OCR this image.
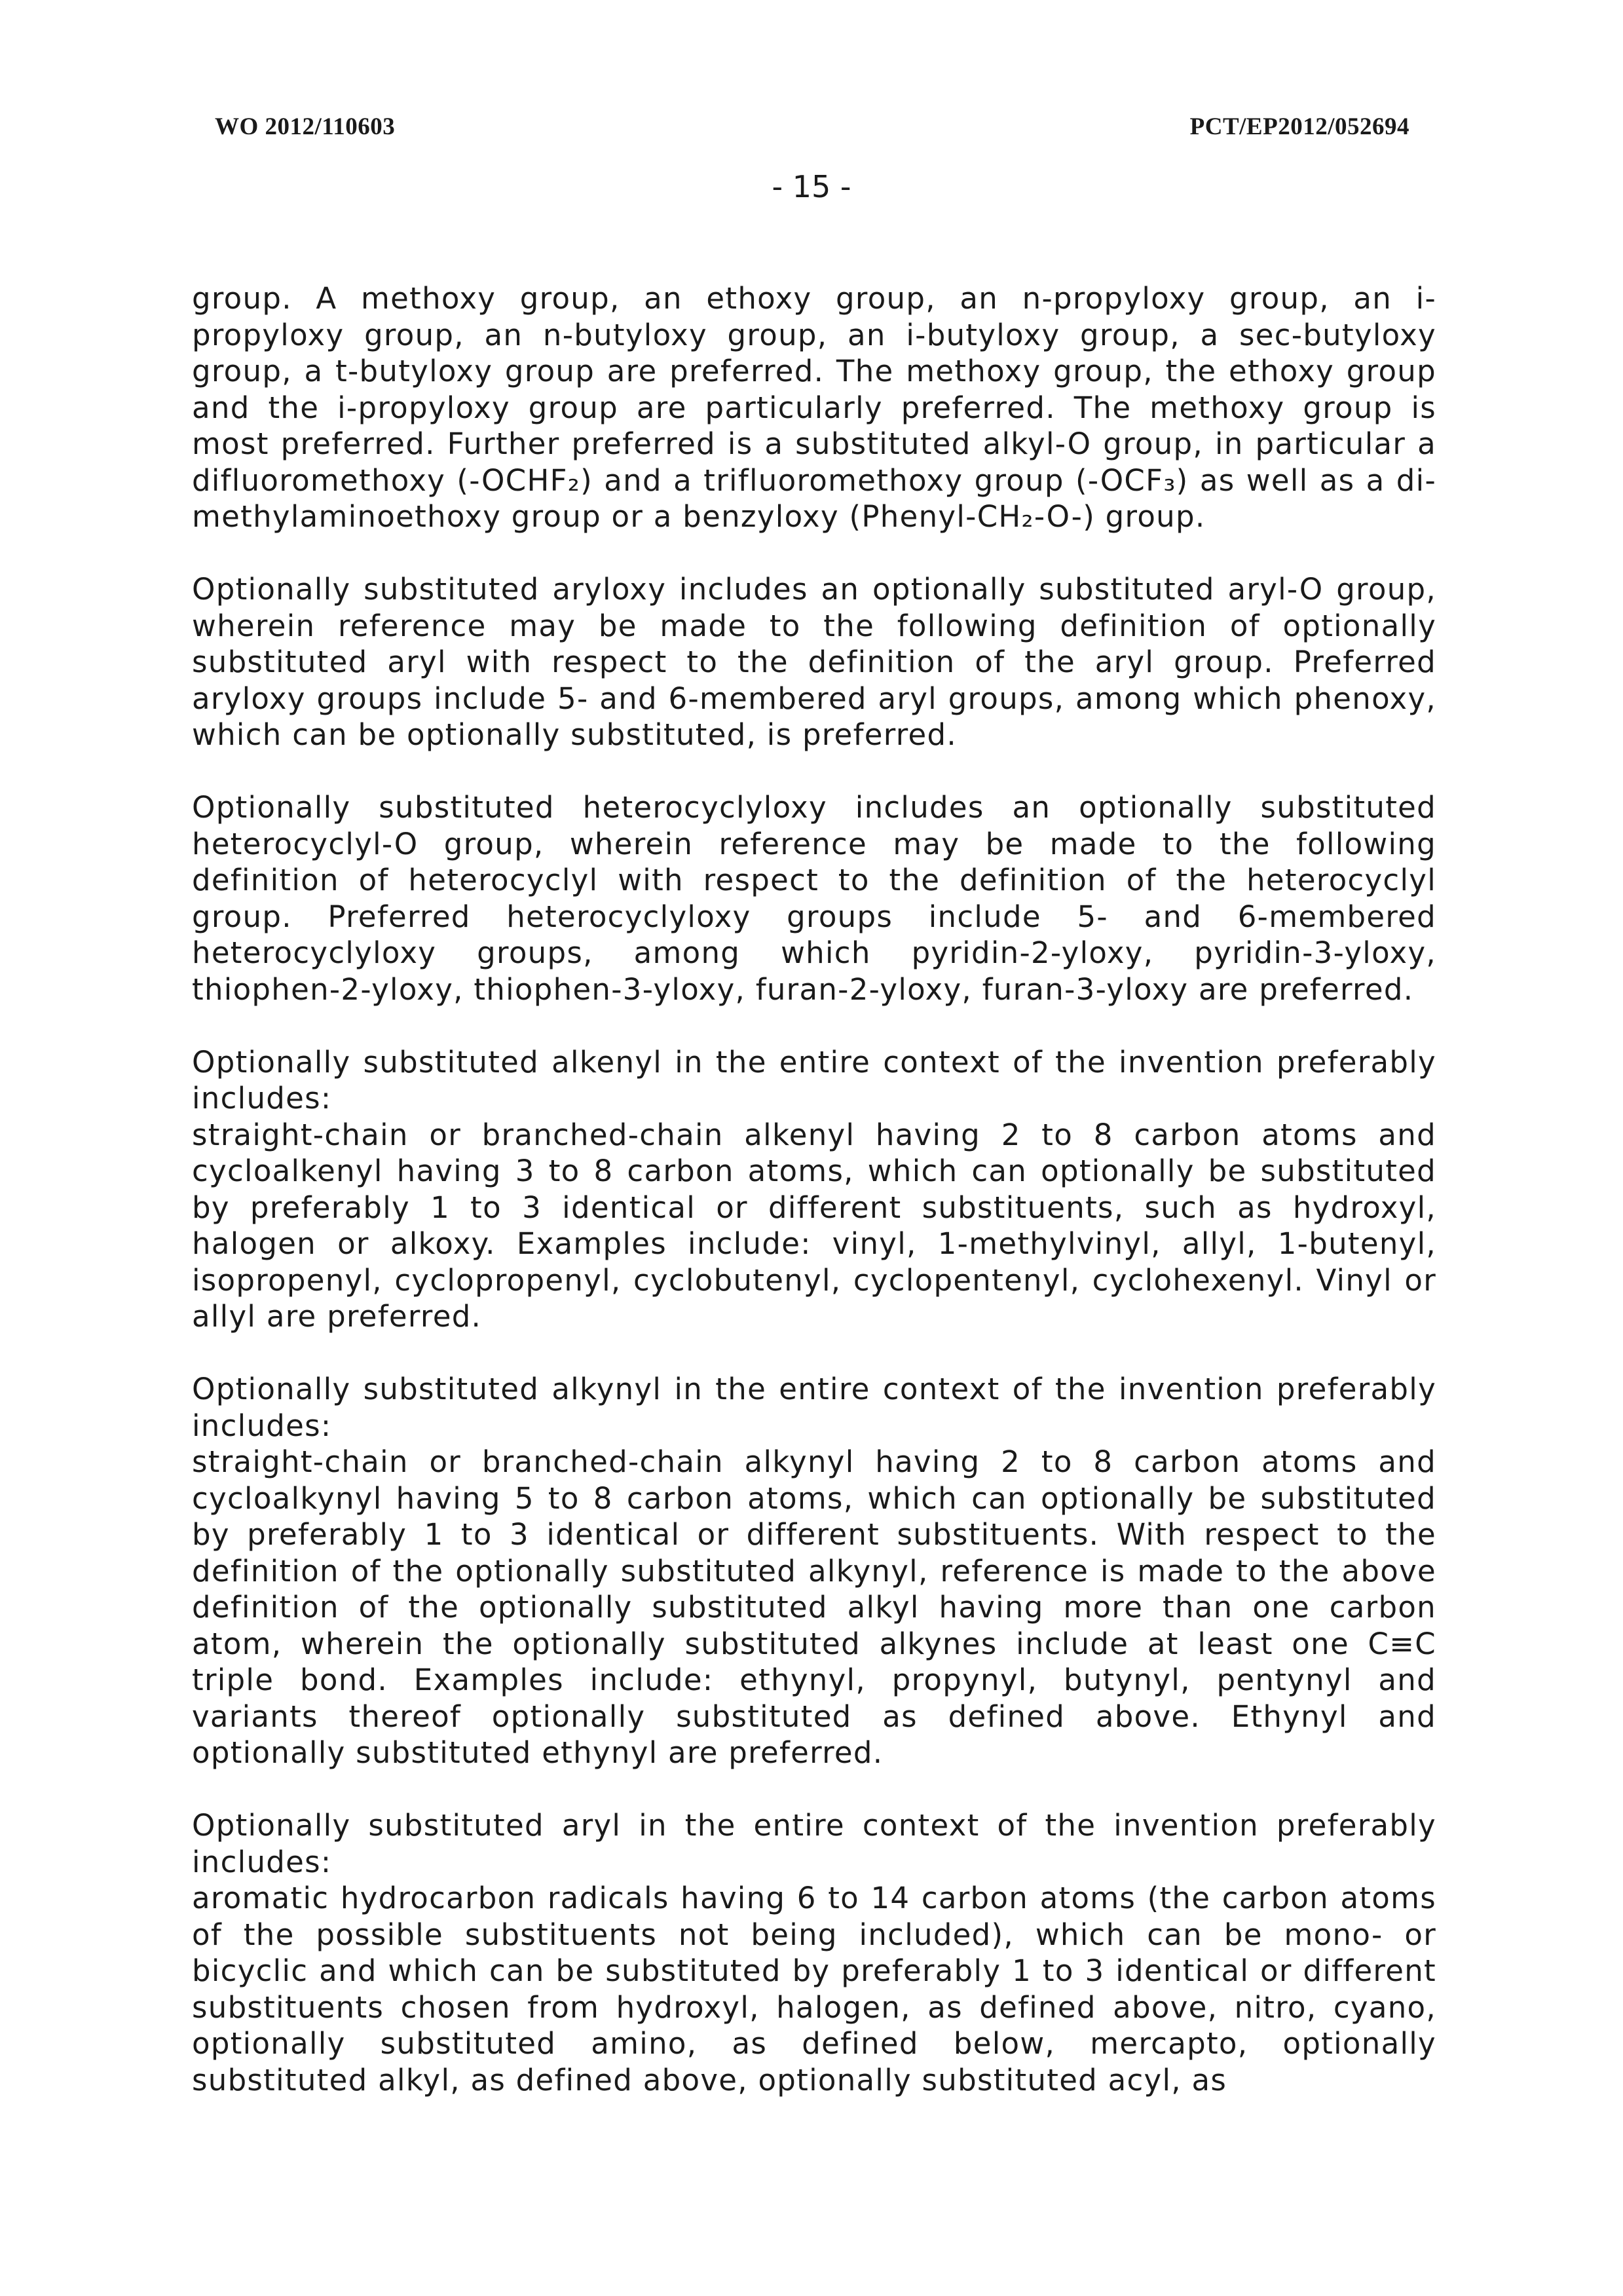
WO 2012/110603	PCT/EP2012/052694
- 15 -

group. A methoxy group, an ethoxy group, an n-propyloxy group, an i-propyloxy group, an n-butyloxy group, an i-butyloxy group, a sec-butyloxy group, a t-butyloxy group are preferred. The methoxy group, the ethoxy group and the i-propyloxy group are particularly preferred. The methoxy group is most preferred. Further preferred is a substituted alkyl-O group, in particular a difluoromethoxy (-OCHF₂) and a trifluoromethoxy group (-OCF₃) as well as a di-methylaminoethoxy group or a benzyloxy (Phenyl-CH₂-O-) group.

Optionally substituted aryloxy includes an optionally substituted aryl-O group, wherein reference may be made to the following definition of optionally substituted aryl with respect to the definition of the aryl group. Preferred aryloxy groups include 5- and 6-membered aryl groups, among which phenoxy, which can be optionally substituted, is preferred.

Optionally substituted heterocyclyloxy includes an optionally substituted heterocyclyl-O group, wherein reference may be made to the following definition of heterocyclyl with respect to the definition of the heterocyclyl group. Preferred heterocyclyloxy groups include 5- and 6-membered heterocyclyloxy groups, among which pyridin-2-yloxy, pyridin-3-yloxy, thiophen-2-yloxy, thiophen-3-yloxy, furan-2-yloxy, furan-3-yloxy are preferred.

Optionally substituted alkenyl in the entire context of the invention preferably includes:

straight-chain or branched-chain alkenyl having 2 to 8 carbon atoms and cycloalkenyl having 3 to 8 carbon atoms, which can optionally be substituted by preferably 1 to 3 identical or different substituents, such as hydroxyl, halogen or alkoxy. Examples include: vinyl, 1-methylvinyl, allyl, 1-butenyl, isopropenyl, cyclopropenyl, cyclobutenyl, cyclopentenyl, cyclohexenyl. Vinyl or allyl are preferred.

Optionally substituted alkynyl in the entire context of the invention preferably includes:

straight-chain or branched-chain alkynyl having 2 to 8 carbon atoms and cycloalkynyl having 5 to 8 carbon atoms, which can optionally be substituted by preferably 1 to 3 identical or different substituents. With respect to the definition of the optionally substituted alkynyl, reference is made to the above definition of the optionally substituted alkyl having more than one carbon atom, wherein the optionally substituted alkynes include at least one C≡C triple bond. Examples include: ethynyl, propynyl, butynyl, pentynyl and variants thereof optionally substituted as defined above. Ethynyl and optionally substituted ethynyl are preferred.

Optionally substituted aryl in the entire context of the invention preferably includes:

aromatic hydrocarbon radicals having 6 to 14 carbon atoms (the carbon atoms of the possible substituents not being included), which can be mono- or bicyclic and which can be substituted by preferably 1 to 3 identical or different substituents chosen from hydroxyl, halogen, as defined above, nitro, cyano, optionally substituted amino, as defined below, mercapto, optionally substituted alkyl, as defined above, optionally substituted acyl, as
